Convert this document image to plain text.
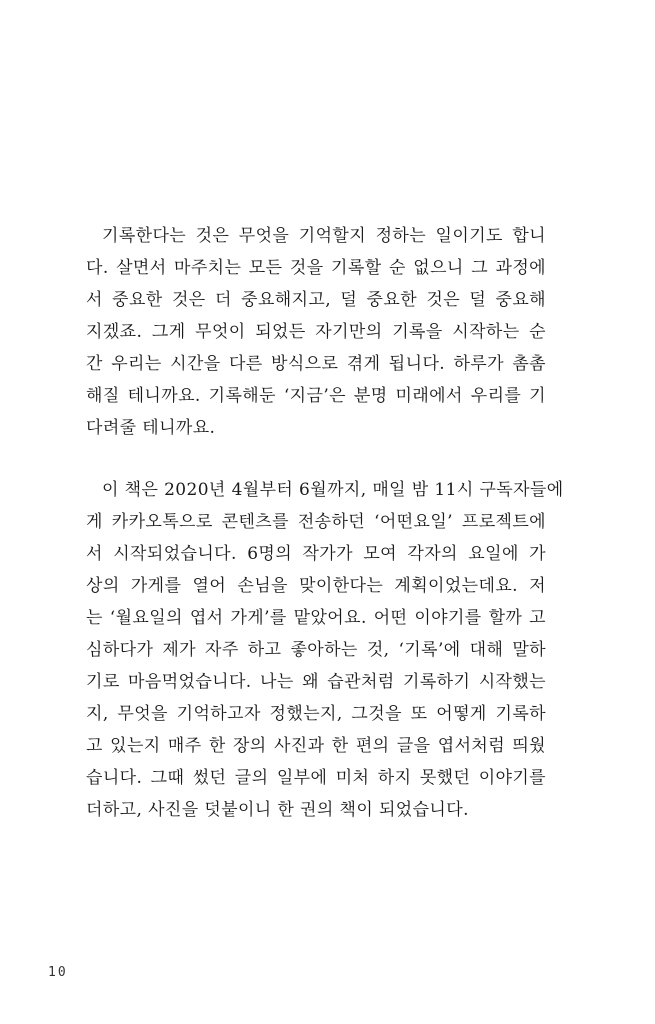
기록한다는 것은 무엇을 기억할지 정하는 일이기도 합니
다. 살면서 마주치는 모든 것을 기록할 순 없으니 그 과정에
서 중요한 것은 더 중요해지고, 덜 중요한 것은 덜 중요해
지겠죠. 그게 무엇이 되었든 자기만의 기록을 시작하는 순
간 우리는 시간을 다른 방식으로 겪게 됩니다. 하루가 촘촘
해질 테니까요. 기록해둔 ‘지금’은 분명 미래에서 우리를 기
다려줄 테니까요.

이 책은 2020년 4월부터 6월까지, 매일 밤 11시 구독자들에
게 카카오톡으로 콘텐츠를 전송하던 ‘어떤요일’ 프로젝트에
서 시작되었습니다. 6명의 작가가 모여 각자의 요일에 가
상의 가게를 열어 손님을 맞이한다는 계획이었는데요. 저
는 ‘월요일의 엽서 가게’를 맡았어요. 어떤 이야기를 할까 고
심하다가 제가 자주 하고 좋아하는 것, ‘기록’에 대해 말하
기로 마음먹었습니다. 나는 왜 습관처럼 기록하기 시작했는
지, 무엇을 기억하고자 정했는지, 그것을 또 어떻게 기록하
고 있는지 매주 한 장의 사진과 한 편의 글을 엽서처럼 띄웠
습니다. 그때 썼던 글의 일부에 미처 하지 못했던 이야기를
더하고, 사진을 덧붙이니 한 권의 책이 되었습니다.

10
